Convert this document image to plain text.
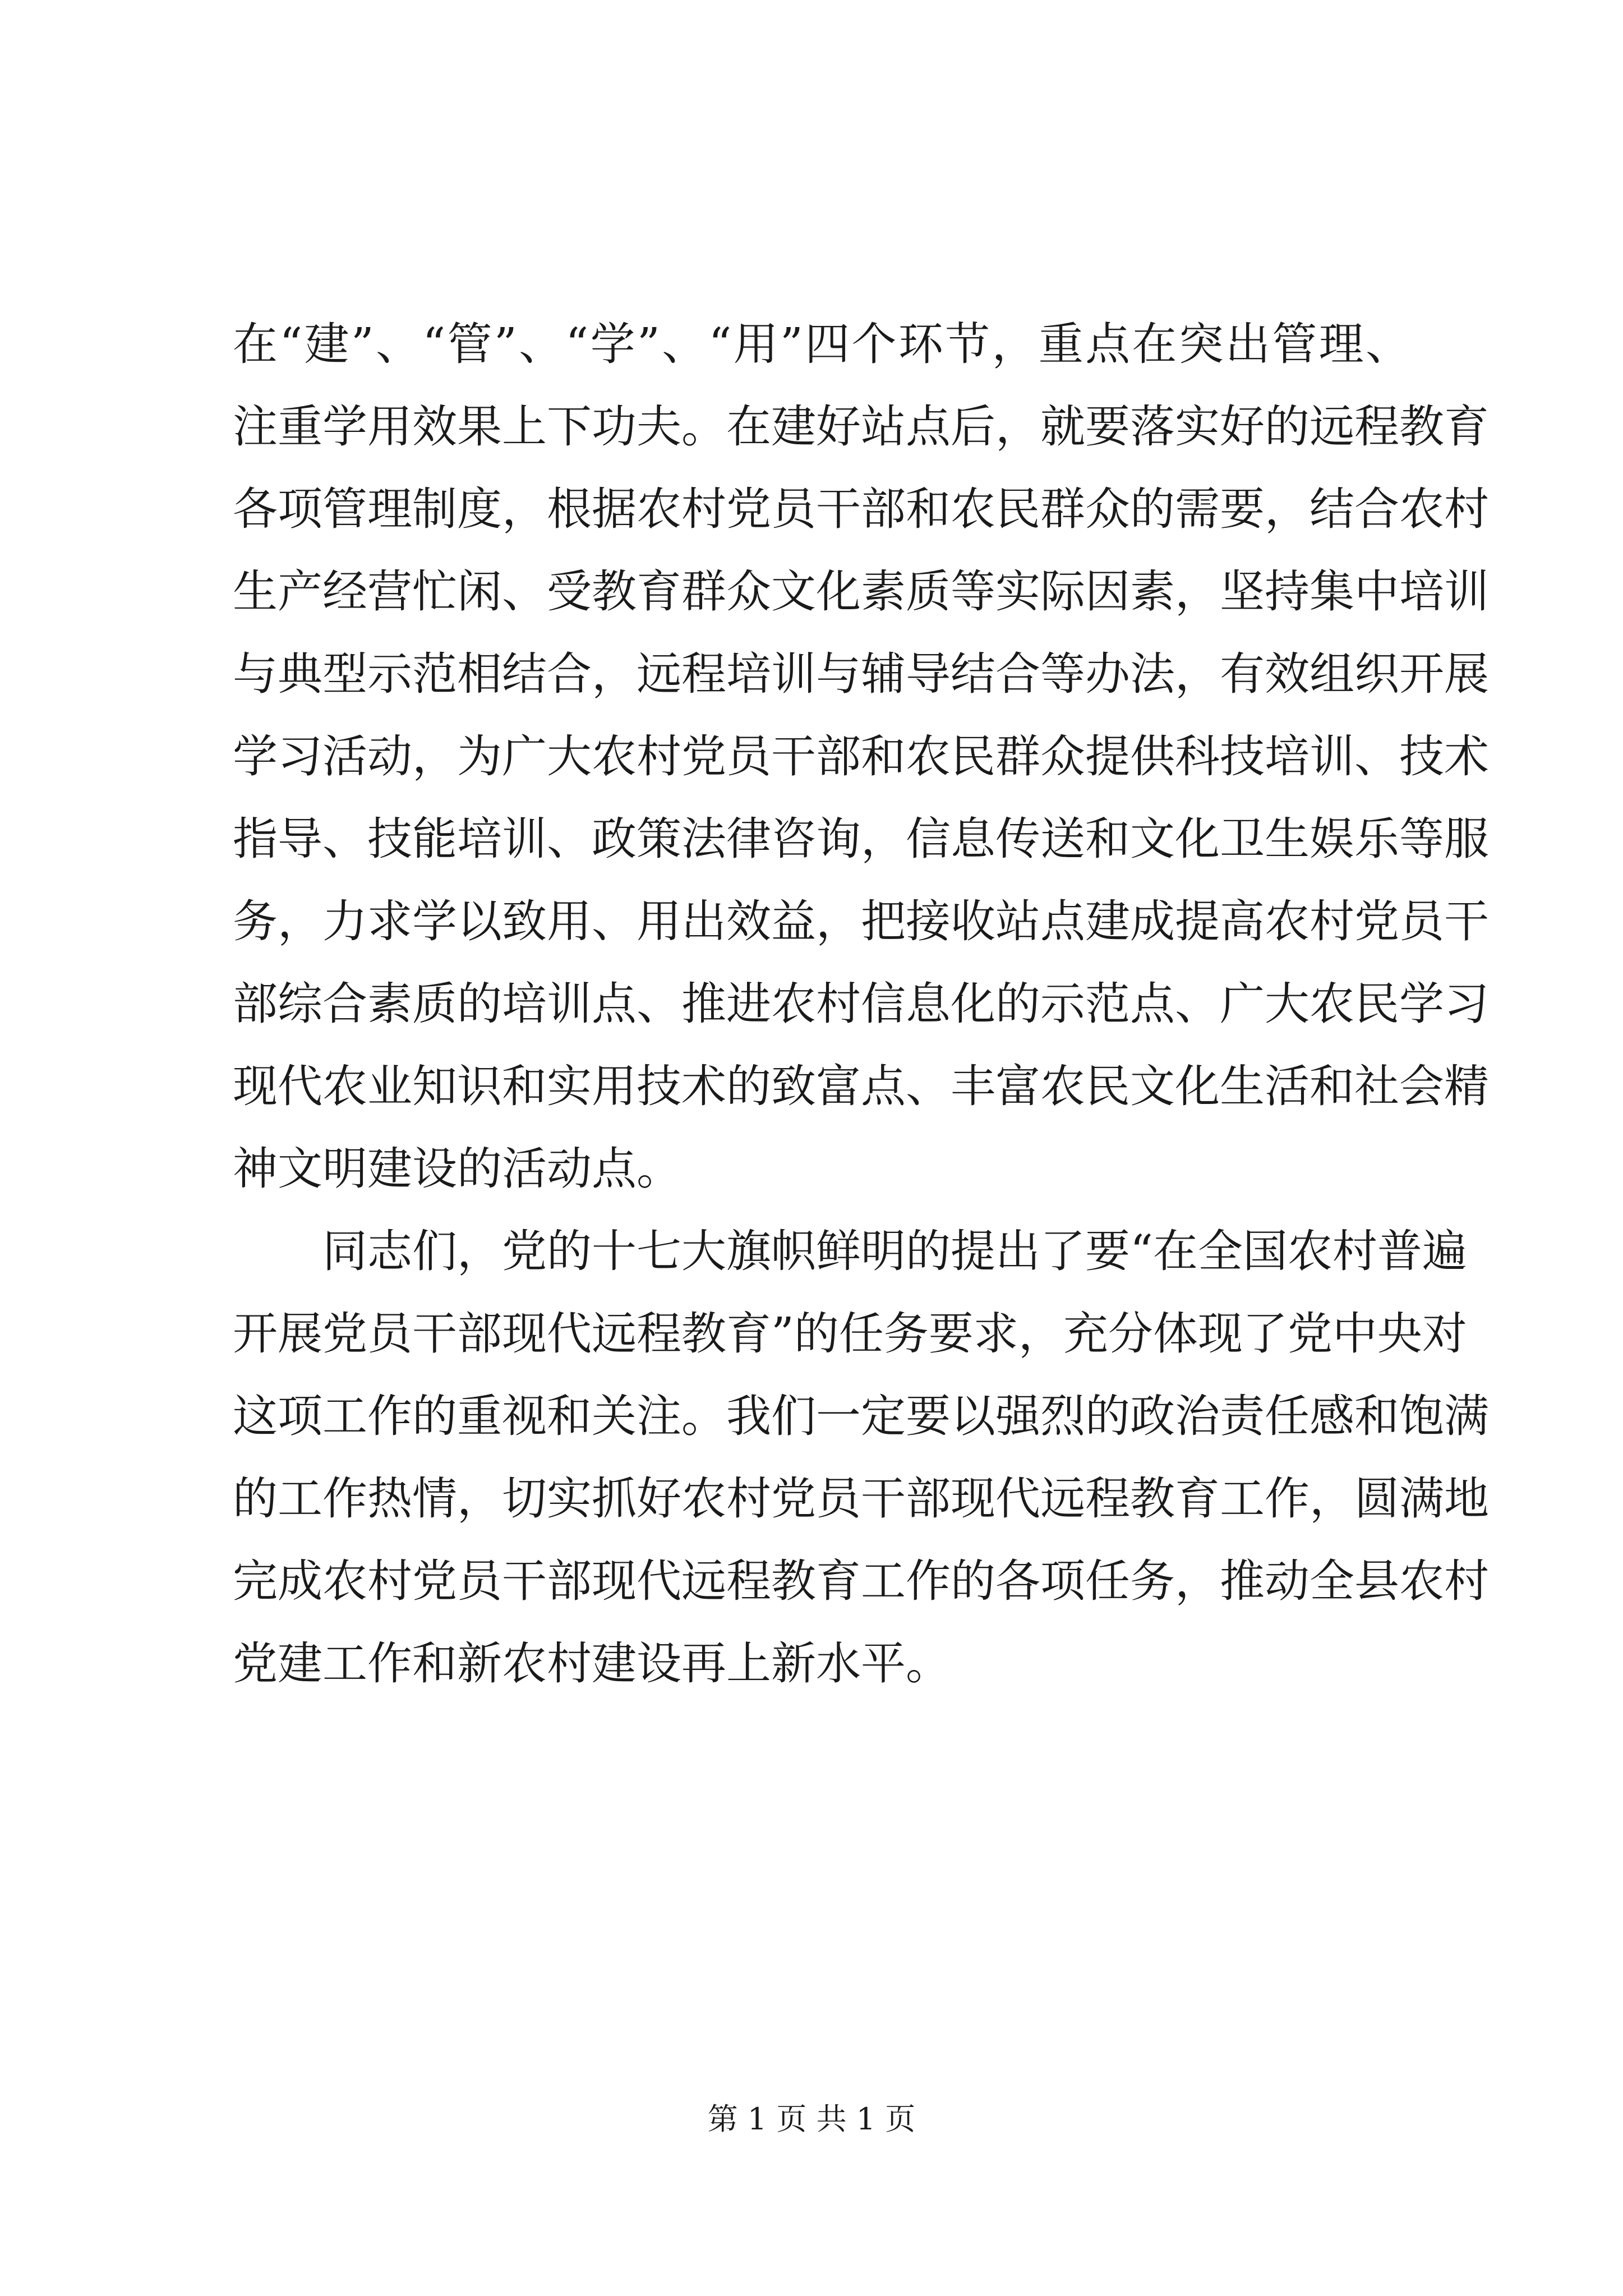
在“建”、“管”、“学”、“用”四个环节，重点在突出管理、
注重学用效果上下功夫。在建好站点后，就要落实好的远程教育
各项管理制度，根据农村党员干部和农民群众的需要，结合农村
生产经营忙闲、受教育群众文化素质等实际因素，坚持集中培训
与典型示范相结合，远程培训与辅导结合等办法，有效组织开展
学习活动，为广大农村党员干部和农民群众提供科技培训、技术
指导、技能培训、政策法律咨询，信息传送和文化卫生娱乐等服
务，力求学以致用、用出效益，把接收站点建成提高农村党员干
部综合素质的培训点、推进农村信息化的示范点、广大农民学习
现代农业知识和实用技术的致富点、丰富农民文化生活和社会精
神文明建设的活动点。
同志们，党的十七大旗帜鲜明的提出了要“在全国农村普遍
开展党员干部现代远程教育”的任务要求，充分体现了党中央对
这项工作的重视和关注。我们一定要以强烈的政治责任感和饱满
的工作热情，切实抓好农村党员干部现代远程教育工作，圆满地
完成农村党员干部现代远程教育工作的各项任务，推动全县农村
党建工作和新农村建设再上新水平。
第 1 页 共 1 页
